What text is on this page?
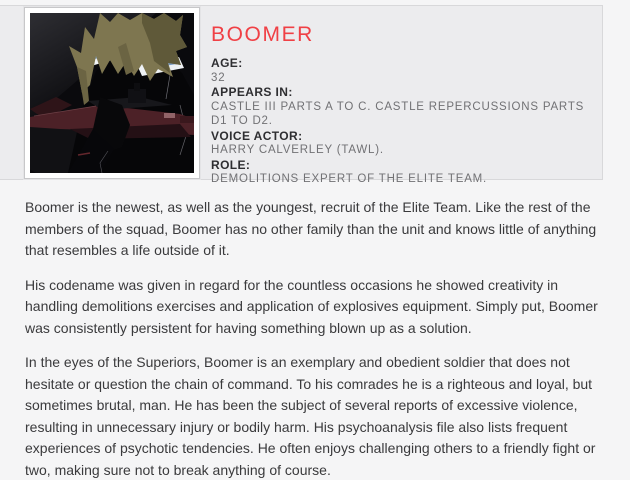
BOOMER
AGE:
32
APPEARS IN:
CASTLE III PARTS A TO C. CASTLE REPERCUSSIONS PARTS D1 TO D2.
VOICE ACTOR:
HARRY CALVERLEY (TAWL).
ROLE:
DEMOLITIONS EXPERT OF THE ELITE TEAM.

Boomer is the newest, as well as the youngest, recruit of the Elite Team. Like the rest of the members of the squad, Boomer has no other family than the unit and knows little of anything that resembles a life outside of it.

His codename was given in regard for the countless occasions he showed creativity in handling demolitions exercises and application of explosives equipment. Simply put, Boomer was consistently persistent for having something blown up as a solution.

In the eyes of the Superiors, Boomer is an exemplary and obedient soldier that does not hesitate or question the chain of command. To his comrades he is a righteous and loyal, but sometimes brutal, man. He has been the subject of several reports of excessive violence, resulting in unnecessary injury or bodily harm. His psychoanalysis file also lists frequent experiences of psychotic tendencies. He often enjoys challenging others to a friendly fight or two, making sure not to break anything of course.
